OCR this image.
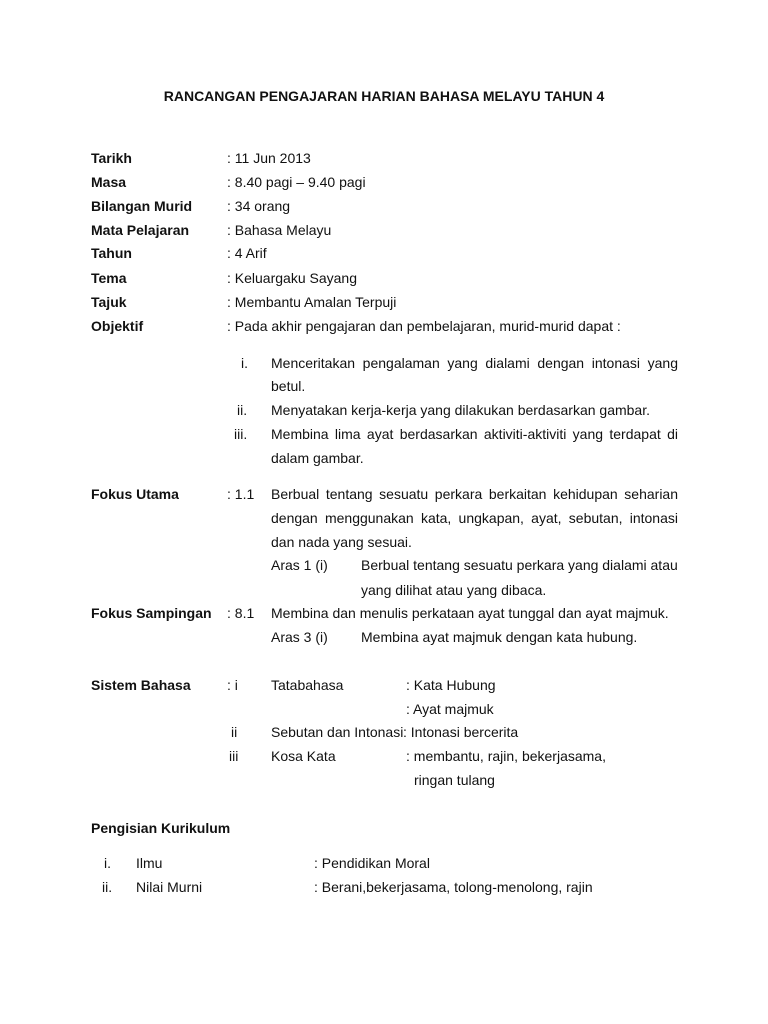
RANCANGAN PENGAJARAN HARIAN BAHASA MELAYU TAHUN 4
Tarikh	: 11 Jun 2013
Masa	: 8.40 pagi – 9.40 pagi
Bilangan Murid : 34 orang
Mata Pelajaran	: Bahasa Melayu
Tahun	: 4 Arif
Tema	: Keluargaku Sayang
Tajuk	: Membantu Amalan Terpuji
Objektif	: Pada akhir pengajaran dan pembelajaran, murid-murid dapat :
i. Menceritakan pengalaman yang dialami dengan intonasi yang
betul.
ii. Menyatakan kerja-kerja yang dilakukan berdasarkan gambar.
iii. Membina lima ayat berdasarkan aktiviti-aktiviti yang terdapat di
dalam gambar.
Fokus Utama	: 1.1 Berbual tentang sesuatu perkara berkaitan kehidupan seharian
dengan menggunakan kata, ungkapan, ayat, sebutan, intonasi
dan nada yang sesuai.
Aras 1 (i) Berbual tentang sesuatu perkara yang dialami atau
yang dilihat atau yang dibaca.
Fokus Sampingan : 8.1 Membina dan menulis perkataan ayat tunggal dan ayat majmuk.
Aras 3 (i) Membina ayat majmuk dengan kata hubung.
Sistem Bahasa	: i Tatabahasa	: Kata Hubung
: Ayat majmuk
ii Sebutan dan Intonasi : Intonasi bercerita
iii Kosa Kata	: membantu, rajin, bekerjasama,
ringan tulang
Pengisian Kurikulum
i. Ilmu	: Pendidikan Moral
ii. Nilai Murni	: Berani,bekerjasama, tolong-menolong, rajin
